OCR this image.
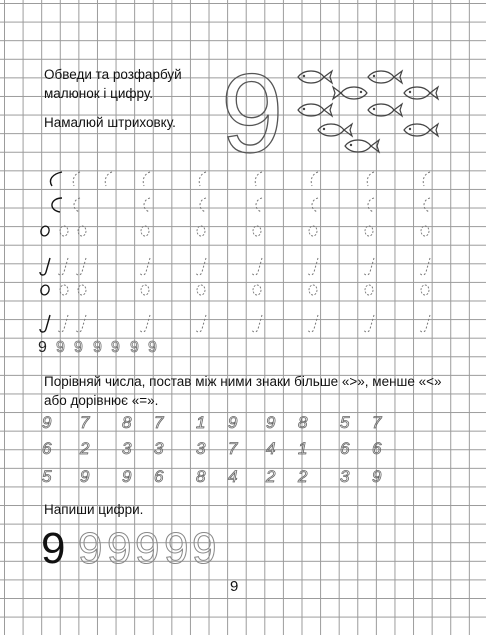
Обведи та розфарбуй малюнок і цифру.

Намалюй штриховку.

Порівняй числа, постав між ними знаки більше «>», менше «<» або дорівнює «=».

Напиши цифри.

9
9 9 9 9 9 9 9
9 7 8 7 1 9 9 8 5 7
6 2 3 3 3 7 4 1 6 6
5 9 9 6 8 4 2 2 3 9
9 9 9 9 9 9
9
